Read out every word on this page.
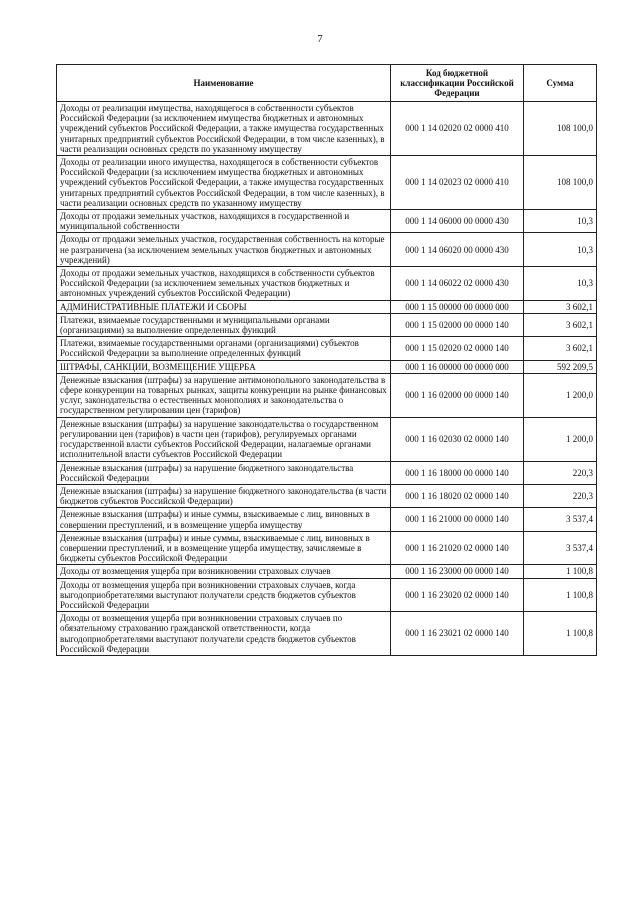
7
Наименование	Код бюджетной классификации Российской Федерации	Сумма
Доходы от реализации имущества, находящегося в собственности субъектов Российской Федерации (за исключением имущества бюджетных и автономных учреждений субъектов Российской Федерации, а также имущества государственных унитарных предприятий субъектов Российской Федерации, в том числе казенных), в части реализации основных средств по указанному имуществу	000 1 14 02020 02 0000 410	108 100,0
Доходы от реализации иного имущества, находящегося в собственности субъектов Российской Федерации (за исключением имущества бюджетных и автономных учреждений субъектов Российской Федерации, а также имущества государственных унитарных предприятий субъектов Российской Федерации, в том числе казенных), в части реализации основных средств по указанному имуществу	000 1 14 02023 02 0000 410	108 100,0
Доходы от продажи земельных участков, находящихся в государственной и муниципальной собственности	000 1 14 06000 00 0000 430	10,3
Доходы от продажи земельных участков, государственная собственность на которые не разграничена (за исключением земельных участков бюджетных и автономных учреждений)	000 1 14 06020 00 0000 430	10,3
Доходы от продажи земельных участков, находящихся в собственности субъектов Российской Федерации (за исключением земельных участков бюджетных и автономных учреждений субъектов Российской Федерации)	000 1 14 06022 02 0000 430	10,3
АДМИНИСТРАТИВНЫЕ ПЛАТЕЖИ И СБОРЫ	000 1 15 00000 00 0000 000	3 602,1
Платежи, взимаемые государственными и муниципальными органами (организациями) за выполнение определенных функций	000 1 15 02000 00 0000 140	3 602,1
Платежи, взимаемые государственными органами (организациями) субъектов Российской Федерации за выполнение определенных функций	000 1 15 02020 02 0000 140	3 602,1
ШТРАФЫ, САНКЦИИ, ВОЗМЕЩЕНИЕ УЩЕРБА	000 1 16 00000 00 0000 000	592 209,5
Денежные взыскания (штрафы) за нарушение антимонопольного законодательства в сфере конкуренции на товарных рынках, защиты конкуренции на рынке финансовых услуг, законодательства о естественных монополиях и законодательства о государственном регулировании цен (тарифов)	000 1 16 02000 00 0000 140	1 200,0
Денежные взыскания (штрафы) за нарушение законодательства о государственном регулировании цен (тарифов) в части цен (тарифов), регулируемых органами государственной власти субъектов Российской Федерации, налагаемые органами исполнительной власти субъектов Российской Федерации	000 1 16 02030 02 0000 140	1 200,0
Денежные взыскания (штрафы) за нарушение бюджетного законодательства Российской Федерации	000 1 16 18000 00 0000 140	220,3
Денежные взыскания (штрафы) за нарушение бюджетного законодательства (в части бюджетов субъектов Российской Федерации)	000 1 16 18020 02 0000 140	220,3
Денежные взыскания (штрафы) и иные суммы, взыскиваемые с лиц, виновных в совершении преступлений, и в возмещение ущерба имуществу	000 1 16 21000 00 0000 140	3 537,4
Денежные взыскания (штрафы) и иные суммы, взыскиваемые с лиц, виновных в совершении преступлений, и в возмещение ущерба имуществу, зачисляемые в бюджеты субъектов Российской Федерации	000 1 16 21020 02 0000 140	3 537,4
Доходы от возмещения ущерба при возникновении страховых случаев	000 1 16 23000 00 0000 140	1 100,8
Доходы от возмещения ущерба при возникновении страховых случаев, когда выгодоприобретателями выступают получатели средств бюджетов субъектов Российской Федерации	000 1 16 23020 02 0000 140	1 100,8
Доходы от возмещения ущерба при возникновении страховых случаев по обязательному страхованию гражданской ответственности, когда выгодоприобретателями выступают получатели средств бюджетов субъектов Российской Федерации	000 1 16 23021 02 0000 140	1 100,8
